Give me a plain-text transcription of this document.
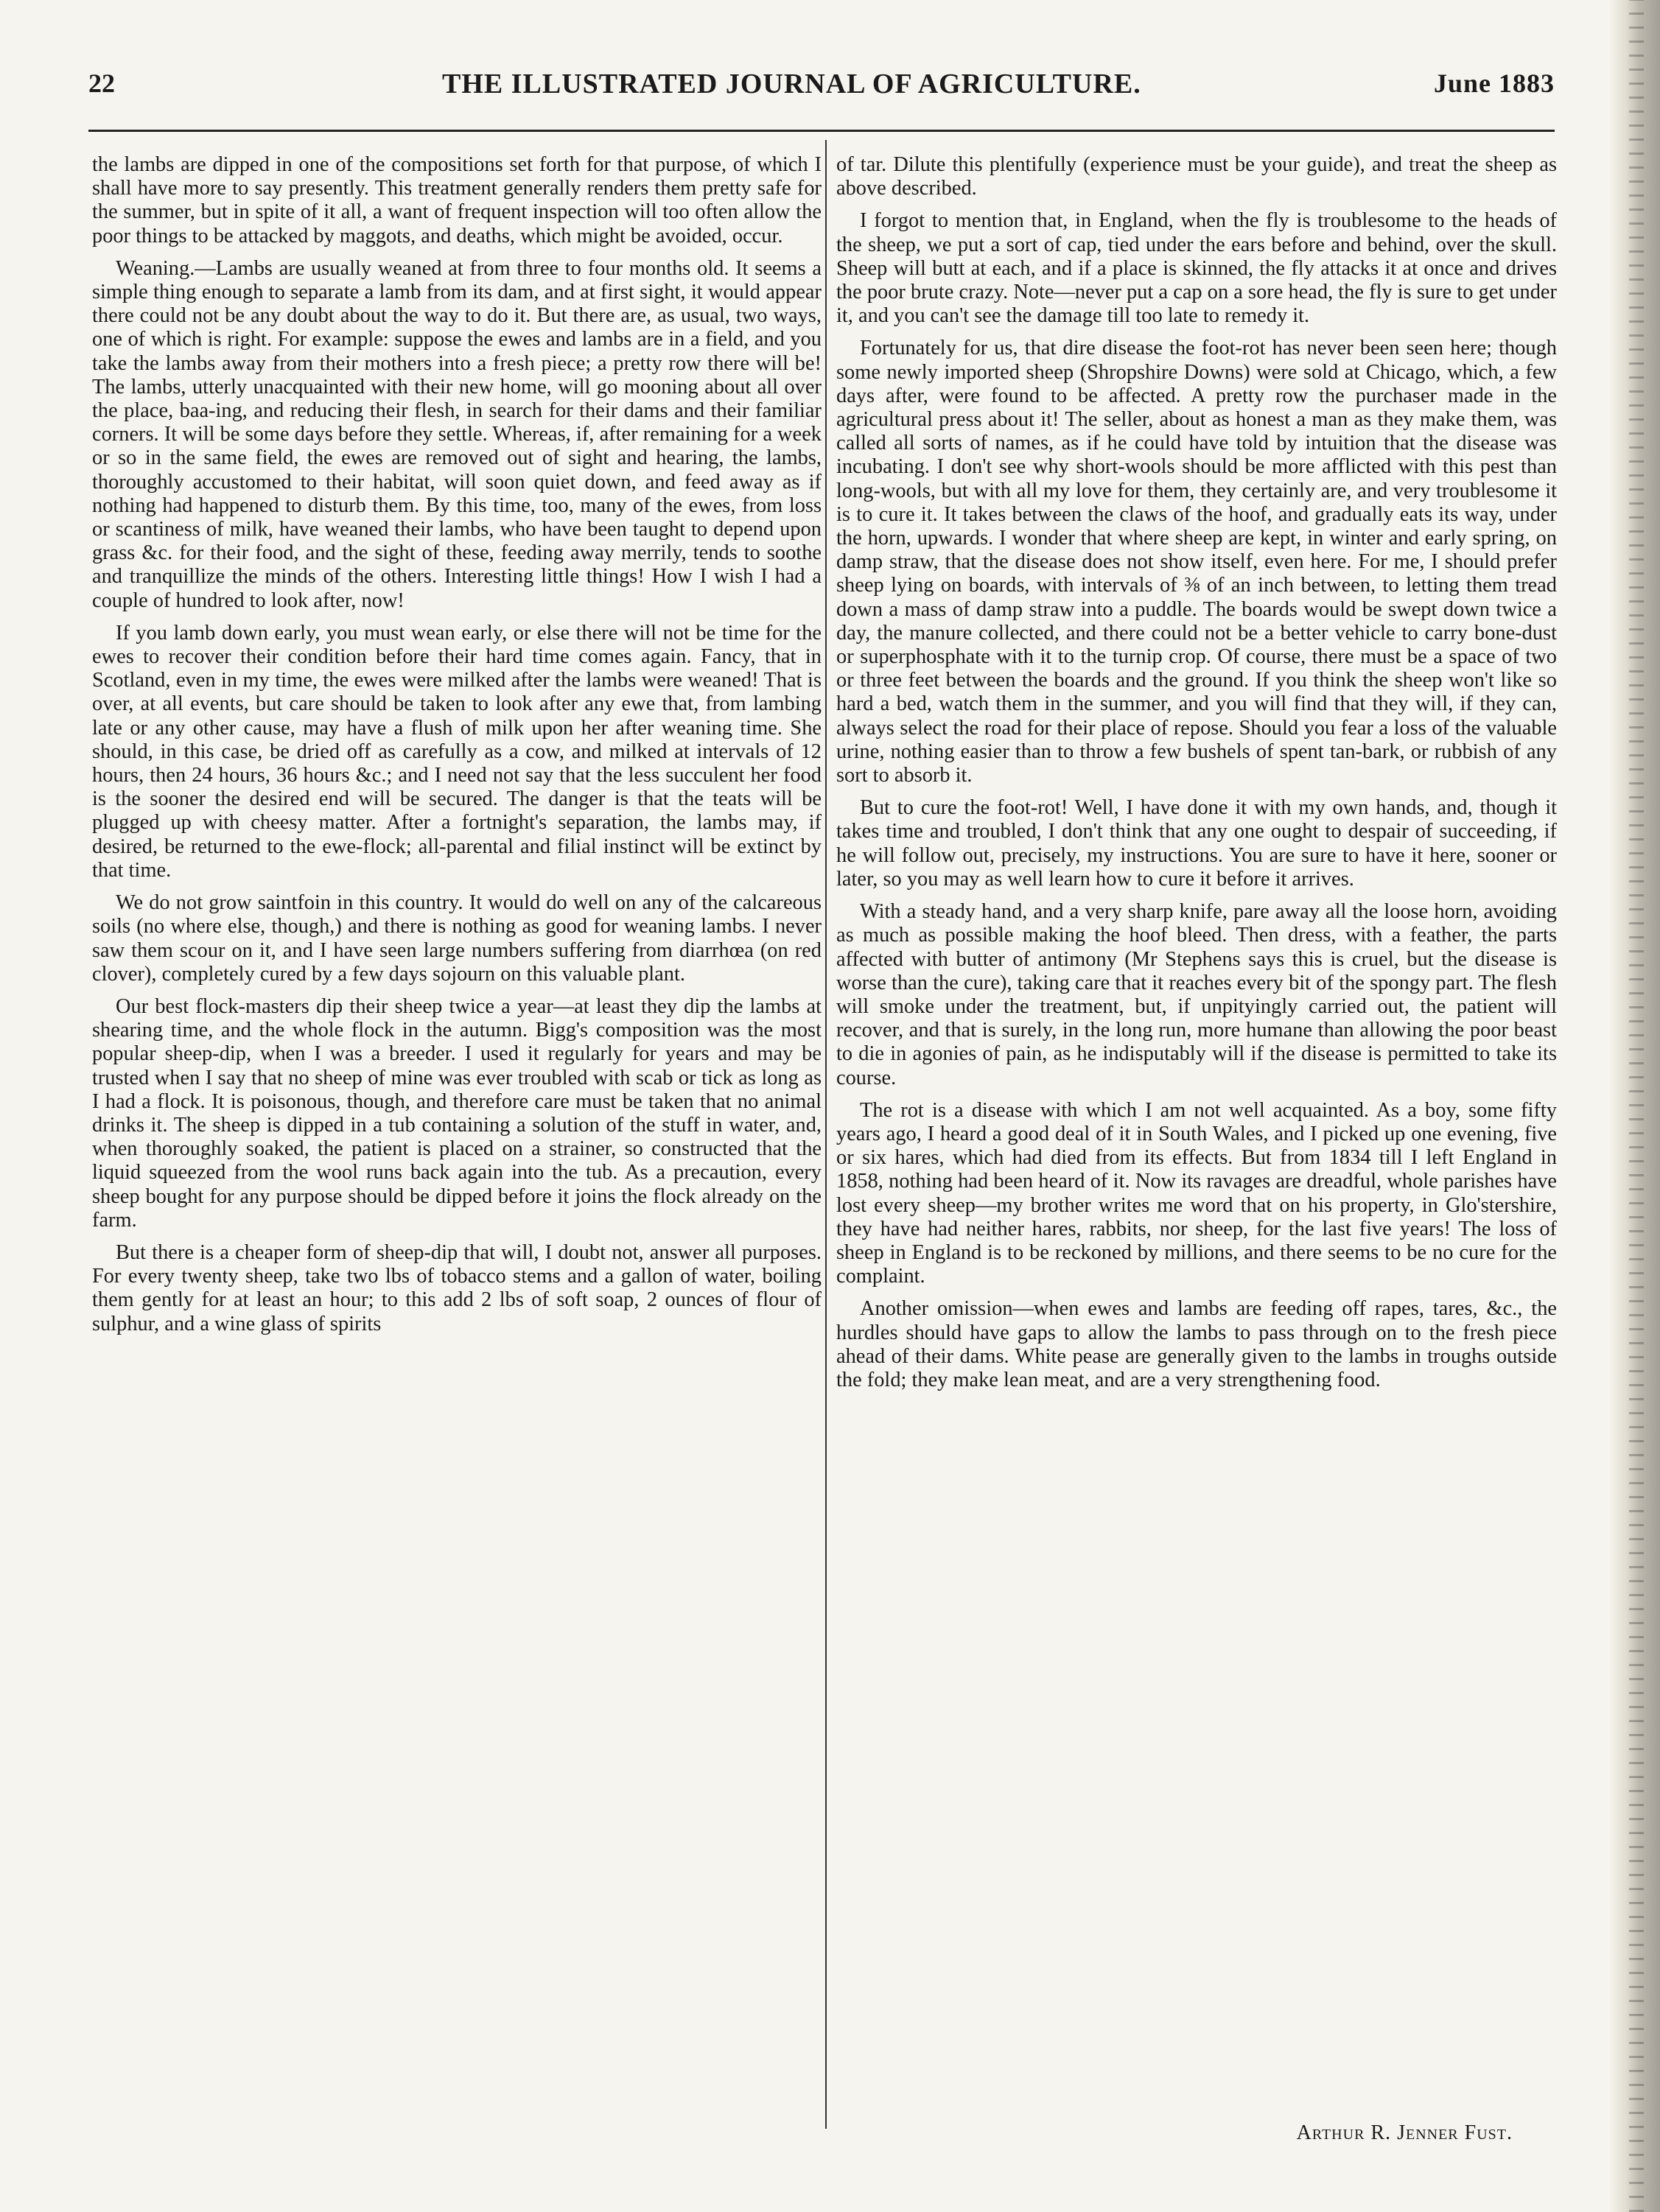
22	THE ILLUSTRATED JOURNAL OF AGRICULTURE.	June 1883

the lambs are dipped in one of the compositions set forth for that purpose, of which I shall have more to say presently. This treatment generally renders them pretty safe for the summer, but in spite of it all, a want of frequent inspection will too often allow the poor things to be attacked by maggots, and deaths, which might be avoided, occur.

Weaning.—Lambs are usually weaned at from three to four months old. It seems a simple thing enough to separate a lamb from its dam, and at first sight, it would appear there could not be any doubt about the way to do it. But there are, as usual, two ways, one of which is right. For example: suppose the ewes and lambs are in a field, and you take the lambs away from their mothers into a fresh piece; a pretty row there will be! The lambs, utterly unacquainted with their new home, will go mooning about all over the place, baa-ing, and reducing their flesh, in search for their dams and their familiar corners. It will be some days before they settle. Whereas, if, after remaining for a week or so in the same field, the ewes are removed out of sight and hearing, the lambs, thoroughly accustomed to their habitat, will soon quiet down, and feed away as if nothing had happened to disturb them. By this time, too, many of the ewes, from loss or scantiness of milk, have weaned their lambs, who have been taught to depend upon grass &c. for their food, and the sight of these, feeding away merrily, tends to soothe and tranquillize the minds of the others. Interesting little things! How I wish I had a couple of hundred to look after, now!

If you lamb down early, you must wean early, or else there will not be time for the ewes to recover their condition before their hard time comes again. Fancy, that in Scotland, even in my time, the ewes were milked after the lambs were weaned! That is over, at all events, but care should be taken to look after any ewe that, from lambing late or any other cause, may have a flush of milk upon her after weaning time. She should, in this case, be dried off as carefully as a cow, and milked at intervals of 12 hours, then 24 hours, 36 hours &c.; and I need not say that the less succulent her food is the sooner the desired end will be secured. The danger is that the teats will be plugged up with cheesy matter. After a fortnight's separation, the lambs may, if desired, be returned to the ewe-flock; all-parental and filial instinct will be extinct by that time.

We do not grow saintfoin in this country. It would do well on any of the calcareous soils (no where else, though,) and there is nothing as good for weaning lambs. I never saw them scour on it, and I have seen large numbers suffering from diarrhœa (on red clover), completely cured by a few days sojourn on this valuable plant.

Our best flock-masters dip their sheep twice a year—at least they dip the lambs at shearing time, and the whole flock in the autumn. Bigg's composition was the most popular sheep-dip, when I was a breeder. I used it regularly for years and may be trusted when I say that no sheep of mine was ever troubled with scab or tick as long as I had a flock. It is poisonous, though, and therefore care must be taken that no animal drinks it. The sheep is dipped in a tub containing a solution of the stuff in water, and, when thoroughly soaked, the patient is placed on a strainer, so constructed that the liquid squeezed from the wool runs back again into the tub. As a precaution, every sheep bought for any purpose should be dipped before it joins the flock already on the farm.

But there is a cheaper form of sheep-dip that will, I doubt not, answer all purposes. For every twenty sheep, take two lbs of tobacco stems and a gallon of water, boiling them gently for at least an hour; to this add 2 lbs of soft soap, 2 ounces of flour of sulphur, and a wine glass of spirits

of tar. Dilute this plentifully (experience must be your guide), and treat the sheep as above described.

I forgot to mention that, in England, when the fly is troublesome to the heads of the sheep, we put a sort of cap, tied under the ears before and behind, over the skull. Sheep will butt at each, and if a place is skinned, the fly attacks it at once and drives the poor brute crazy. Note—never put a cap on a sore head, the fly is sure to get under it, and you can't see the damage till too late to remedy it.

Fortunately for us, that dire disease the foot-rot has never been seen here; though some newly imported sheep (Shropshire Downs) were sold at Chicago, which, a few days after, were found to be affected. A pretty row the purchaser made in the agricultural press about it! The seller, about as honest a man as they make them, was called all sorts of names, as if he could have told by intuition that the disease was incubating. I don't see why short-wools should be more afflicted with this pest than long-wools, but with all my love for them, they certainly are, and very troublesome it is to cure it. It takes between the claws of the hoof, and gradually eats its way, under the horn, upwards. I wonder that where sheep are kept, in winter and early spring, on damp straw, that the disease does not show itself, even here. For me, I should prefer sheep lying on boards, with intervals of ⅜ of an inch between, to letting them tread down a mass of damp straw into a puddle. The boards would be swept down twice a day, the manure collected, and there could not be a better vehicle to carry bone-dust or superphosphate with it to the turnip crop. Of course, there must be a space of two or three feet between the boards and the ground. If you think the sheep won't like so hard a bed, watch them in the summer, and you will find that they will, if they can, always select the road for their place of repose. Should you fear a loss of the valuable urine, nothing easier than to throw a few bushels of spent tan-bark, or rubbish of any sort to absorb it.

But to cure the foot-rot! Well, I have done it with my own hands, and, though it takes time and troubled, I don't think that any one ought to despair of succeeding, if he will follow out, precisely, my instructions. You are sure to have it here, sooner or later, so you may as well learn how to cure it before it arrives.

With a steady hand, and a very sharp knife, pare away all the loose horn, avoiding as much as possible making the hoof bleed. Then dress, with a feather, the parts affected with butter of antimony (Mr Stephens says this is cruel, but the disease is worse than the cure), taking care that it reaches every bit of the spongy part. The flesh will smoke under the treatment, but, if unpityingly carried out, the patient will recover, and that is surely, in the long run, more humane than allowing the poor beast to die in agonies of pain, as he indisputably will if the disease is permitted to take its course.

The rot is a disease with which I am not well acquainted. As a boy, some fifty years ago, I heard a good deal of it in South Wales, and I picked up one evening, five or six hares, which had died from its effects. But from 1834 till I left England in 1858, nothing had been heard of it. Now its ravages are dreadful, whole parishes have lost every sheep—my brother writes me word that on his property, in Glo'stershire, they have had neither hares, rabbits, nor sheep, for the last five years! The loss of sheep in England is to be reckoned by millions, and there seems to be no cure for the complaint.

Another omission—when ewes and lambs are feeding off rapes, tares, &c., the hurdles should have gaps to allow the lambs to pass through on to the fresh piece ahead of their dams. White pease are generally given to the lambs in troughs outside the fold; they make lean meat, and are a very strengthening food.

Arthur R. Jenner Fust.
